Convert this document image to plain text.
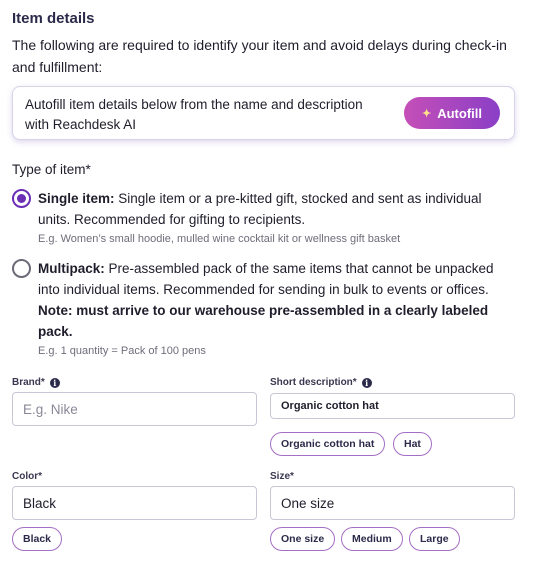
Item details
The following are required to identify your item and avoid delays during check-in and fulfillment:
Autofill item details below from the name and description with Reachdesk AI
✦ Autofill
Type of item*
Single item: Single item or a pre-kitted gift, stocked and sent as individual units. Recommended for gifting to recipients.
E.g. Women’s small hoodie, mulled wine cocktail kit or wellness gift basket
Multipack: Pre-assembled pack of the same items that cannot be unpacked into individual items. Recommended for sending in bulk to events or offices. Note: must arrive to our warehouse pre-assembled in a clearly labeled pack.
E.g. 1 quantity = Pack of 100 pens
Brand*	i
E.g. Nike
Short description*	i
Organic cotton hat
Organic cotton hat	Hat
Color*
Black
Black
Size*
One size
One size	Medium	Large
